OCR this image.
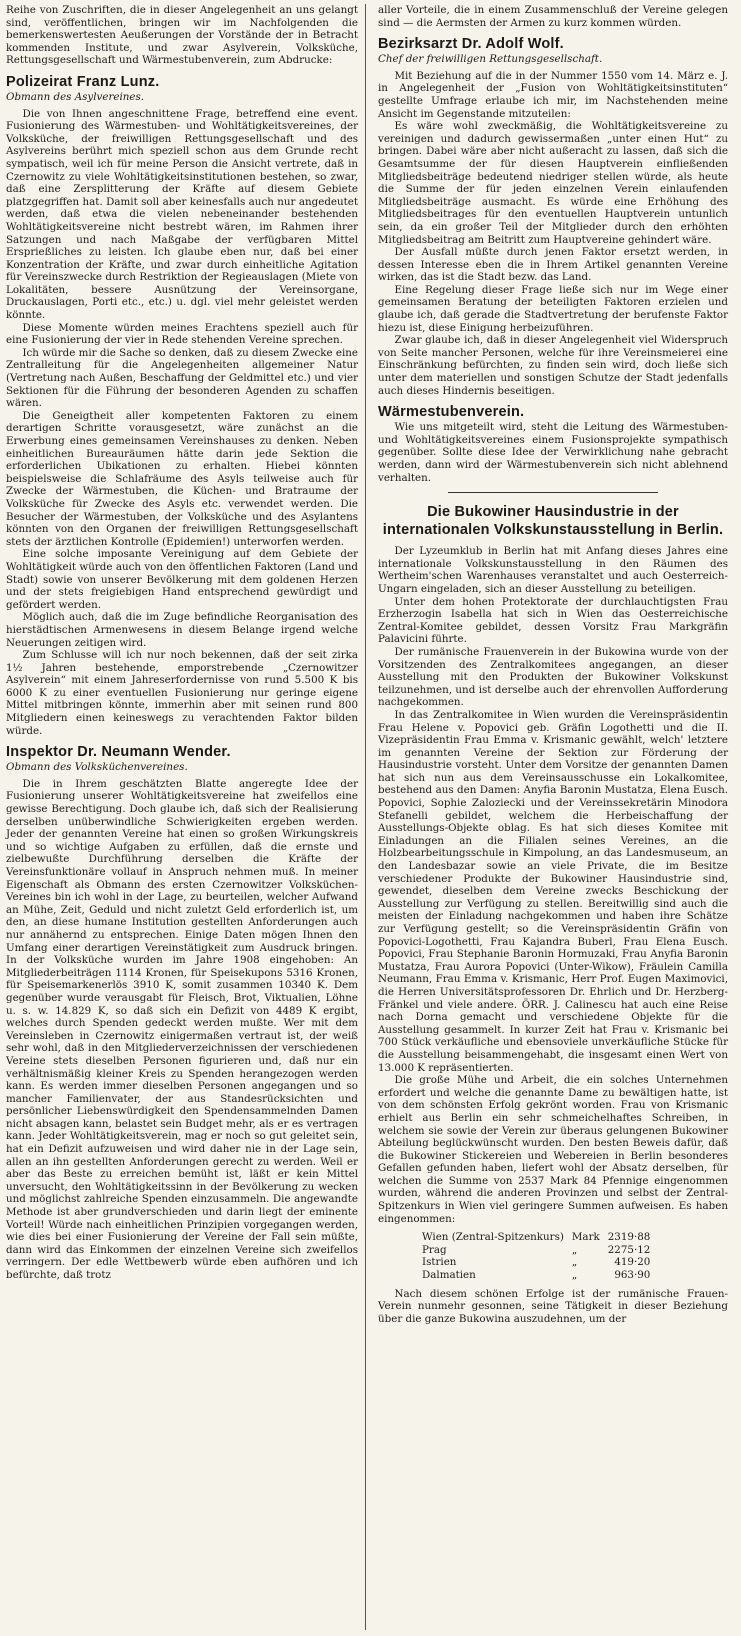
Reihe von Zuschriften, die in dieser Angelegenheit an uns gelangt sind, veröffentlichen, bringen wir im Nachfolgenden die bemerkenswertesten Aeußerungen der Vorstände der in Betracht kommenden Institute, und zwar Asylverein, Volksküche, Rettungsgesellschaft und Wärmestubenverein, zum Abdrucke:

Polizeirat Franz Lunz.
Obmann des Asylvereines.

Die von Ihnen angeschnittene Frage, betreffend eine event. Fusionierung des Wärmestuben- und Wohltätigkeitsvereines, der Volksküche, der freiwilligen Rettungsgesellschaft und des Asylvereins berührt mich speziell schon aus dem Grunde recht sympatisch, weil ich für meine Person die Ansicht vertrete, daß in Czernowitz zu viele Wohltätigkeitsinstitutionen bestehen, so zwar, daß eine Zersplitterung der Kräfte auf diesem Gebiete platzgegriffen hat. Damit soll aber keinesfalls auch nur angedeutet werden, daß etwa die vielen nebeneinander bestehenden Wohltätigkeitsvereine nicht bestrebt wären, im Rahmen ihrer Satzungen und nach Maßgabe der verfügbaren Mittel Ersprießliches zu leisten. Ich glaube eben nur, daß bei einer Konzentration der Kräfte, und zwar durch einheitliche Agitation für Vereinszwecke durch Restriktion der Regieauslagen (Miete von Lokalitäten, bessere Ausnützung der Vereinsorgane, Druckauslagen, Porti etc., etc.) u. dgl. viel mehr geleistet werden könnte.

Diese Momente würden meines Erachtens speziell auch für eine Fusionierung der vier in Rede stehenden Vereine sprechen.

Ich würde mir die Sache so denken, daß zu diesem Zwecke eine Zentralleitung für die Angelegenheiten allgemeiner Natur (Vertretung nach Außen, Beschaffung der Geldmittel etc.) und vier Sektionen für die Führung der besonderen Agenden zu schaffen wären.

Die Geneigtheit aller kompetenten Faktoren zu einem derartigen Schritte vorausgesetzt, wäre zunächst an die Erwerbung eines gemeinsamen Vereinshauses zu denken. Neben einheitlichen Bureauräumen hätte darin jede Sektion die erforderlichen Ubikationen zu erhalten. Hiebei könnten beispielsweise die Schlafräume des Asyls teilweise auch für Zwecke der Wärmestuben, die Küchen- und Bratraume der Volksküche für Zwecke des Asyls etc. verwendet werden. Die Besucher der Wärmestuben, der Volksküche und des Asylantens könnten von den Organen der freiwilligen Rettungsgesellschaft stets der ärztlichen Kontrolle (Epidemien!) unterworfen werden.

Eine solche imposante Vereinigung auf dem Gebiete der Wohltätigkeit würde auch von den öffentlichen Faktoren (Land und Stadt) sowie von unserer Bevölkerung mit dem goldenen Herzen und der stets freigiebigen Hand entsprechend gewürdigt und gefördert werden.

Möglich auch, daß die im Zuge befindliche Reorganisation des hierstädtischen Armenwesens in diesem Belange irgend welche Neuerungen zeitigen wird.

Zum Schlusse will ich nur noch bekennen, daß der seit zirka 1½ Jahren bestehende, emporstrebende „Czernowitzer Asylverein“ mit einem Jahreserfordernisse von rund 5.500 K bis 6000 K zu einer eventuellen Fusionierung nur geringe eigene Mittel mitbringen könnte, immerhin aber mit seinen rund 800 Mitgliedern einen keineswegs zu verachtenden Faktor bilden würde.

Inspektor Dr. Neumann Wender.
Obmann des Volksküchenvereines.

Die in Ihrem geschätzten Blatte angeregte Idee der Fusionierung unserer Wohltätigkeitsvereine hat zweifellos eine gewisse Berechtigung. Doch glaube ich, daß sich der Realisierung derselben unüberwindliche Schwierigkeiten ergeben werden. Jeder der genannten Vereine hat einen so großen Wirkungskreis und so wichtige Aufgaben zu erfüllen, daß die ernste und zielbewußte Durchführung derselben die Kräfte der Vereinsfunktionäre vollauf in Anspruch nehmen muß. In meiner Eigenschaft als Obmann des ersten Czernowitzer Volksküchen-Vereines bin ich wohl in der Lage, zu beurteilen, welcher Aufwand an Mühe, Zeit, Geduld und nicht zuletzt Geld erforderlich ist, um den, an diese humane Institution gestellten Anforderungen auch nur annähernd zu entsprechen. Einige Daten mögen Ihnen den Umfang einer derartigen Vereinstätigkeit zum Ausdruck bringen. In der Volksküche wurden im Jahre 1908 eingehoben: An Mitgliederbeiträgen 1114 Kronen, für Speisekupons 5316 Kronen, für Speisemarkenerlös 3910 K, somit zusammen 10340 K. Dem gegenüber wurde verausgabt für Fleisch, Brot, Viktualien, Löhne u. s. w. 14.829 K, so daß sich ein Defizit von 4489 K ergibt, welches durch Spenden gedeckt werden mußte. Wer mit dem Vereinsleben in Czernowitz einigermaßen vertraut ist, der weiß sehr wohl, daß in den Mitgliederverzeichnissen der verschiedenen Vereine stets dieselben Personen figurieren und, daß nur ein verhältnismäßig kleiner Kreis zu Spenden herangezogen werden kann. Es werden immer dieselben Personen angegangen und so mancher Familienvater, der aus Standesrücksichten und persönlicher Liebenswürdigkeit den Spendensammelnden Damen nicht absagen kann, belastet sein Budget mehr, als er es vertragen kann. Jeder Wohltätigkeitsverein, mag er noch so gut geleitet sein, hat ein Defizit aufzuweisen und wird daher nie in der Lage sein, allen an ihn gestellten Anforderungen gerecht zu werden. Weil er aber das Beste zu erreichen bemüht ist, läßt er kein Mittel unversucht, den Wohltätigkeitssinn in der Bevölkerung zu wecken und möglichst zahlreiche Spenden einzusammeln. Die angewandte Methode ist aber grundverschieden und darin liegt der eminente Vorteil! Würde nach einheitlichen Prinzipien vorgegangen werden, wie dies bei einer Fusionierung der Vereine der Fall sein müßte, dann wird das Einkommen der einzelnen Vereine sich zweifellos verringern. Der edle Wettbewerb würde eben aufhören und ich befürchte, daß trotz

aller Vorteile, die in einem Zusammenschluß der Vereine gelegen sind — die Aermsten der Armen zu kurz kommen würden.

Bezirksarzt Dr. Adolf Wolf.
Chef der freiwilligen Rettungsgesellschaft.

Mit Beziehung auf die in der Nummer 1550 vom 14. März e. J. in Angelegenheit der „Fusion von Wohltätigkeitsinstituten“ gestellte Umfrage erlaube ich mir, im Nachstehenden meine Ansicht im Gegenstande mitzuteilen:

Es wäre wohl zweckmäßig, die Wohltätigkeitsvereine zu vereinigen und dadurch gewissermaßen „unter einen Hut“ zu bringen. Dabei wäre aber nicht außeracht zu lassen, daß sich die Gesamtsumme der für diesen Hauptverein einfließenden Mitgliedsbeiträge bedeutend niedriger stellen würde, als heute die Summe der für jeden einzelnen Verein einlaufenden Mitgliedsbeiträge ausmacht. Es würde eine Erhöhung des Mitgliedsbeitrages für den eventuellen Hauptverein untunlich sein, da ein großer Teil der Mitglieder durch den erhöhten Mitgliedsbeitrag am Beitritt zum Hauptvereine gehindert wäre.

Der Ausfall müßte durch jenen Faktor ersetzt werden, in dessen Interesse eben die in Ihrem Artikel genannten Vereine wirken, das ist die Stadt bezw. das Land.

Eine Regelung dieser Frage ließe sich nur im Wege einer gemeinsamen Beratung der beteiligten Faktoren erzielen und glaube ich, daß gerade die Stadtvertretung der berufenste Faktor hiezu ist, diese Einigung herbeizuführen.

Zwar glaube ich, daß in dieser Angelegenheit viel Widerspruch von Seite mancher Personen, welche für ihre Vereinsmeierei eine Einschränkung befürchten, zu finden sein wird, doch ließe sich unter dem materiellen und sonstigen Schutze der Stadt jedenfalls auch dieses Hindernis beseitigen.

Wärmestubenverein.

Wie uns mitgeteilt wird, steht die Leitung des Wärmestuben- und Wohltätigkeitsvereines einem Fusionsprojekte sympathisch gegenüber. Sollte diese Idee der Verwirklichung nahe gebracht werden, dann wird der Wärmestubenverein sich nicht ablehnend verhalten.

Die Bukowiner Hausindustrie in der internationalen Volkskunstausstellung in Berlin.

Der Lyzeumklub in Berlin hat mit Anfang dieses Jahres eine internationale Volkskunstausstellung in den Räumen des Wertheim'schen Warenhauses veranstaltet und auch Oesterreich-Ungarn eingeladen, sich an dieser Ausstellung zu beteiligen.

Unter dem hohen Protektorate der durchlauchtigsten Frau Erzherzogin Isabella hat sich in Wien das Oesterreichische Zentral-Komitee gebildet, dessen Vorsitz Frau Markgräfin Palavicini führte.

Der rumänische Frauenverein in der Bukowina wurde von der Vorsitzenden des Zentralkomitees angegangen, an dieser Ausstellung mit den Produkten der Bukowiner Volkskunst teilzunehmen, und ist derselbe auch der ehrenvollen Aufforderung nachgekommen.

In das Zentralkomitee in Wien wurden die Vereinspräsidentin Frau Helene v. Popovici geb. Gräfin Logothetti und die II. Vizepräsidentin Frau Emma v. Krismanic gewählt, welch' letztere im genannten Vereine der Sektion zur Förderung der Hausindustrie vorsteht. Unter dem Vorsitze der genannten Damen hat sich nun aus dem Vereinsausschusse ein Lokalkomitee, bestehend aus den Damen: Anyfia Baronin Mustatza, Elena Eusch. Popovici, Sophie Zaloziecki und der Vereinssekretärin Minodora Stefanelli gebildet, welchem die Herbeischaffung der Ausstellungs-Objekte oblag. Es hat sich dieses Komitee mit Einladungen an die Filialen seines Vereines, an die Holzbearbeitungsschule in Kimpolung, an das Landesmuseum, an den Landesbazar sowie an viele Private, die im Besitze verschiedener Produkte der Bukowiner Hausindustrie sind, gewendet, dieselben dem Vereine zwecks Beschickung der Ausstellung zur Verfügung zu stellen. Bereitwillig sind auch die meisten der Einladung nachgekommen und haben ihre Schätze zur Verfügung gestellt; so die Vereinspräsidentin Gräfin von Popovici-Logothetti, Frau Kajandra Buberl, Frau Elena Eusch. Popovici, Frau Stephanie Baronin Hormuzaki, Frau Anyfia Baronin Mustatza, Frau Aurora Popovici (Unter-Wikow), Fräulein Camilla Neumann, Frau Emma v. Krismanic, Herr Prof. Eugen Maximovici, die Herren Universitätsprofessoren Dr. Ehrlich und Dr. Herzberg-Fränkel und viele andere. ÖRR. J. Calinescu hat auch eine Reise nach Dorna gemacht und verschiedene Objekte für die Ausstellung gesammelt. In kurzer Zeit hat Frau v. Krismanic bei 700 Stück verkäufliche und ebensoviele unverkäufliche Stücke für die Ausstellung beisammengehabt, die insgesamt einen Wert von 13.000 K repräsentierten.

Die große Mühe und Arbeit, die ein solches Unternehmen erfordert und welche die genannte Dame zu bewältigen hatte, ist von dem schönsten Erfolg gekrönt worden. Frau von Krismanic erhielt aus Berlin ein sehr schmeichelhaftes Schreiben, in welchem sie sowie der Verein zur überaus gelungenen Bukowiner Abteilung beglückwünscht wurden. Den besten Beweis dafür, daß die Bukowiner Stickereien und Webereien in Berlin besonderes Gefallen gefunden haben, liefert wohl der Absatz derselben, für welchen die Summe von 2537 Mark 84 Pfennige eingenommen wurden, während die anderen Provinzen und selbst der Zentral-Spitzenkurs in Wien viel geringere Summen aufweisen. Es haben eingenommen:

Wien (Zentral-Spitzenkurs)	Mark	2319·88
Prag	„	2275·12
Istrien	„	419·20
Dalmatien	„	963·90

Nach diesem schönen Erfolge ist der rumänische Frauen-Verein nunmehr gesonnen, seine Tätigkeit in dieser Beziehung über die ganze Bukowina auszudehnen, um der
